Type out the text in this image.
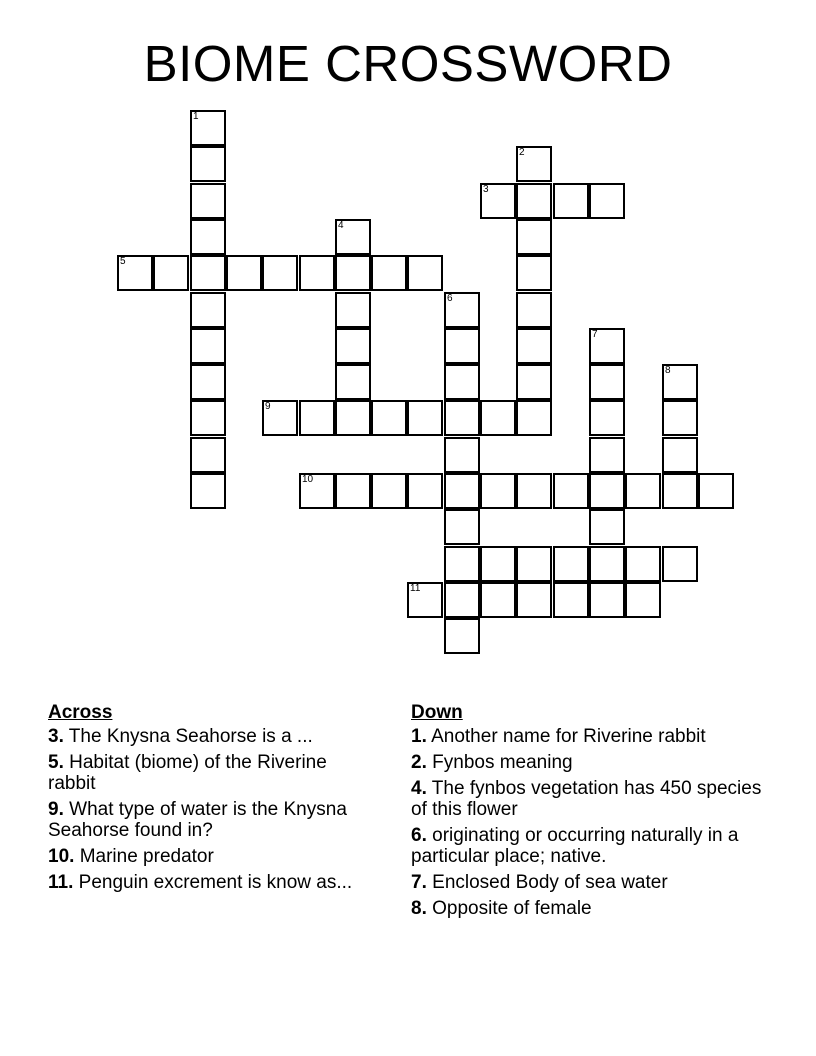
BIOME CROSSWORD
1
2
3
4
5
6
7
8
9
10
11
Across
3. The Knysna Seahorse is a ...
5. Habitat (biome) of the Riverine rabbit
9. What type of water is the Knysna Seahorse found in?
10. Marine predator
11. Penguin excrement is know as...
Down
1. Another name for Riverine rabbit
2. Fynbos meaning
4. The fynbos vegetation has 450 species of this flower
6. originating or occurring naturally in a particular place; native.
7. Enclosed Body of sea water
8. Opposite of female
